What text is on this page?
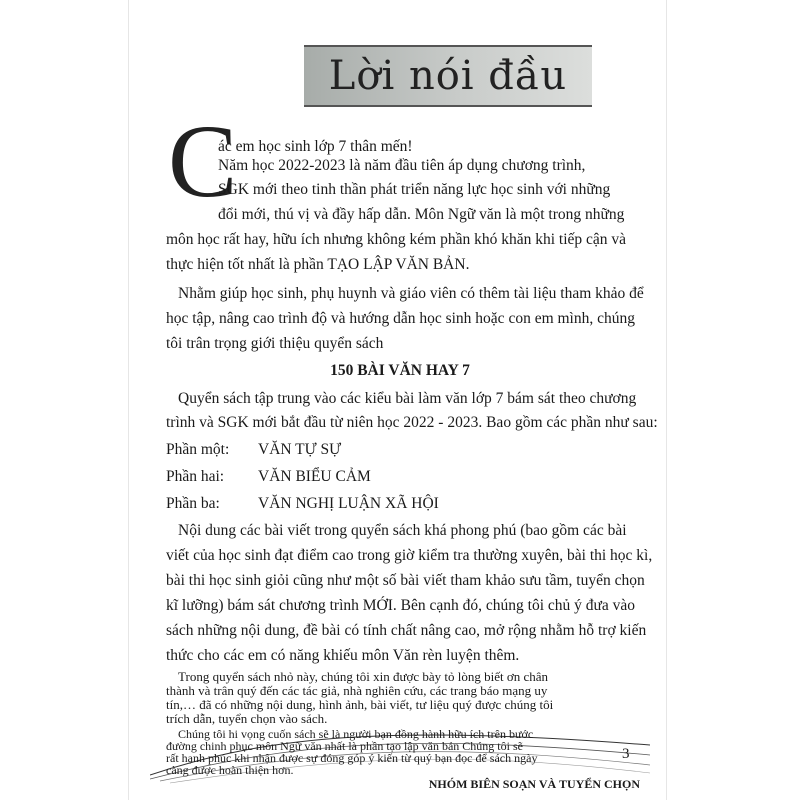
Lời nói đầu
C
ác em học sinh lớp 7 thân mến!
Năm học 2022-2023 là năm đầu tiên áp dụng chương trình,
SGK mới theo tinh thần phát triển năng lực học sinh với những
đổi mới, thú vị và đầy hấp dẫn. Môn Ngữ văn là một trong những
môn học rất hay, hữu ích nhưng không kém phần khó khăn khi tiếp cận và
thực hiện tốt nhất là phần TẠO LẬP VĂN BẢN.
Nhằm giúp học sinh, phụ huynh và giáo viên có thêm tài liệu tham khảo để
học tập, nâng cao trình độ và hướng dẫn học sinh hoặc con em mình, chúng
tôi trân trọng giới thiệu quyển sách
150 BÀI VĂN HAY 7
Quyển sách tập trung vào các kiểu bài làm văn lớp 7 bám sát theo chương
trình và SGK mới bắt đầu từ niên học 2022 - 2023. Bao gồm các phần như sau:
Phần một: VĂN TỰ SỰ
Phần hai: VĂN BIỂU CẢM
Phần ba: VĂN NGHỊ LUẬN XÃ HỘI
Nội dung các bài viết trong quyển sách khá phong phú (bao gồm các bài
viết của học sinh đạt điểm cao trong giờ kiểm tra thường xuyên, bài thi học kì,
bài thi học sinh giỏi cũng như một số bài viết tham khảo sưu tầm, tuyển chọn
kĩ lưỡng) bám sát chương trình MỚI. Bên cạnh đó, chúng tôi chủ ý đưa vào
sách những nội dung, đề bài có tính chất nâng cao, mở rộng nhằm hỗ trợ kiến
thức cho các em có năng khiếu môn Văn rèn luyện thêm.
Trong quyển sách nhỏ này, chúng tôi xin được bày tỏ lòng biết ơn chân
thành và trân quý đến các tác giả, nhà nghiên cứu, các trang báo mạng uy
tín,… đã có những nội dung, hình ảnh, bài viết, tư liệu quý được chúng tôi
trích dẫn, tuyển chọn vào sách.
3
Chúng tôi hi vọng cuốn sách sẽ là người bạn đồng hành hữu ích trên bước
đường chinh phục môn Ngữ văn nhất là phần tạo lập văn bản Chúng tôi sẽ
rất hạnh phúc khi nhận được sự đóng góp ý kiến từ quý bạn đọc để sách ngày
càng được hoàn thiện hơn.
NHÓM BIÊN SOẠN VÀ TUYỂN CHỌN
